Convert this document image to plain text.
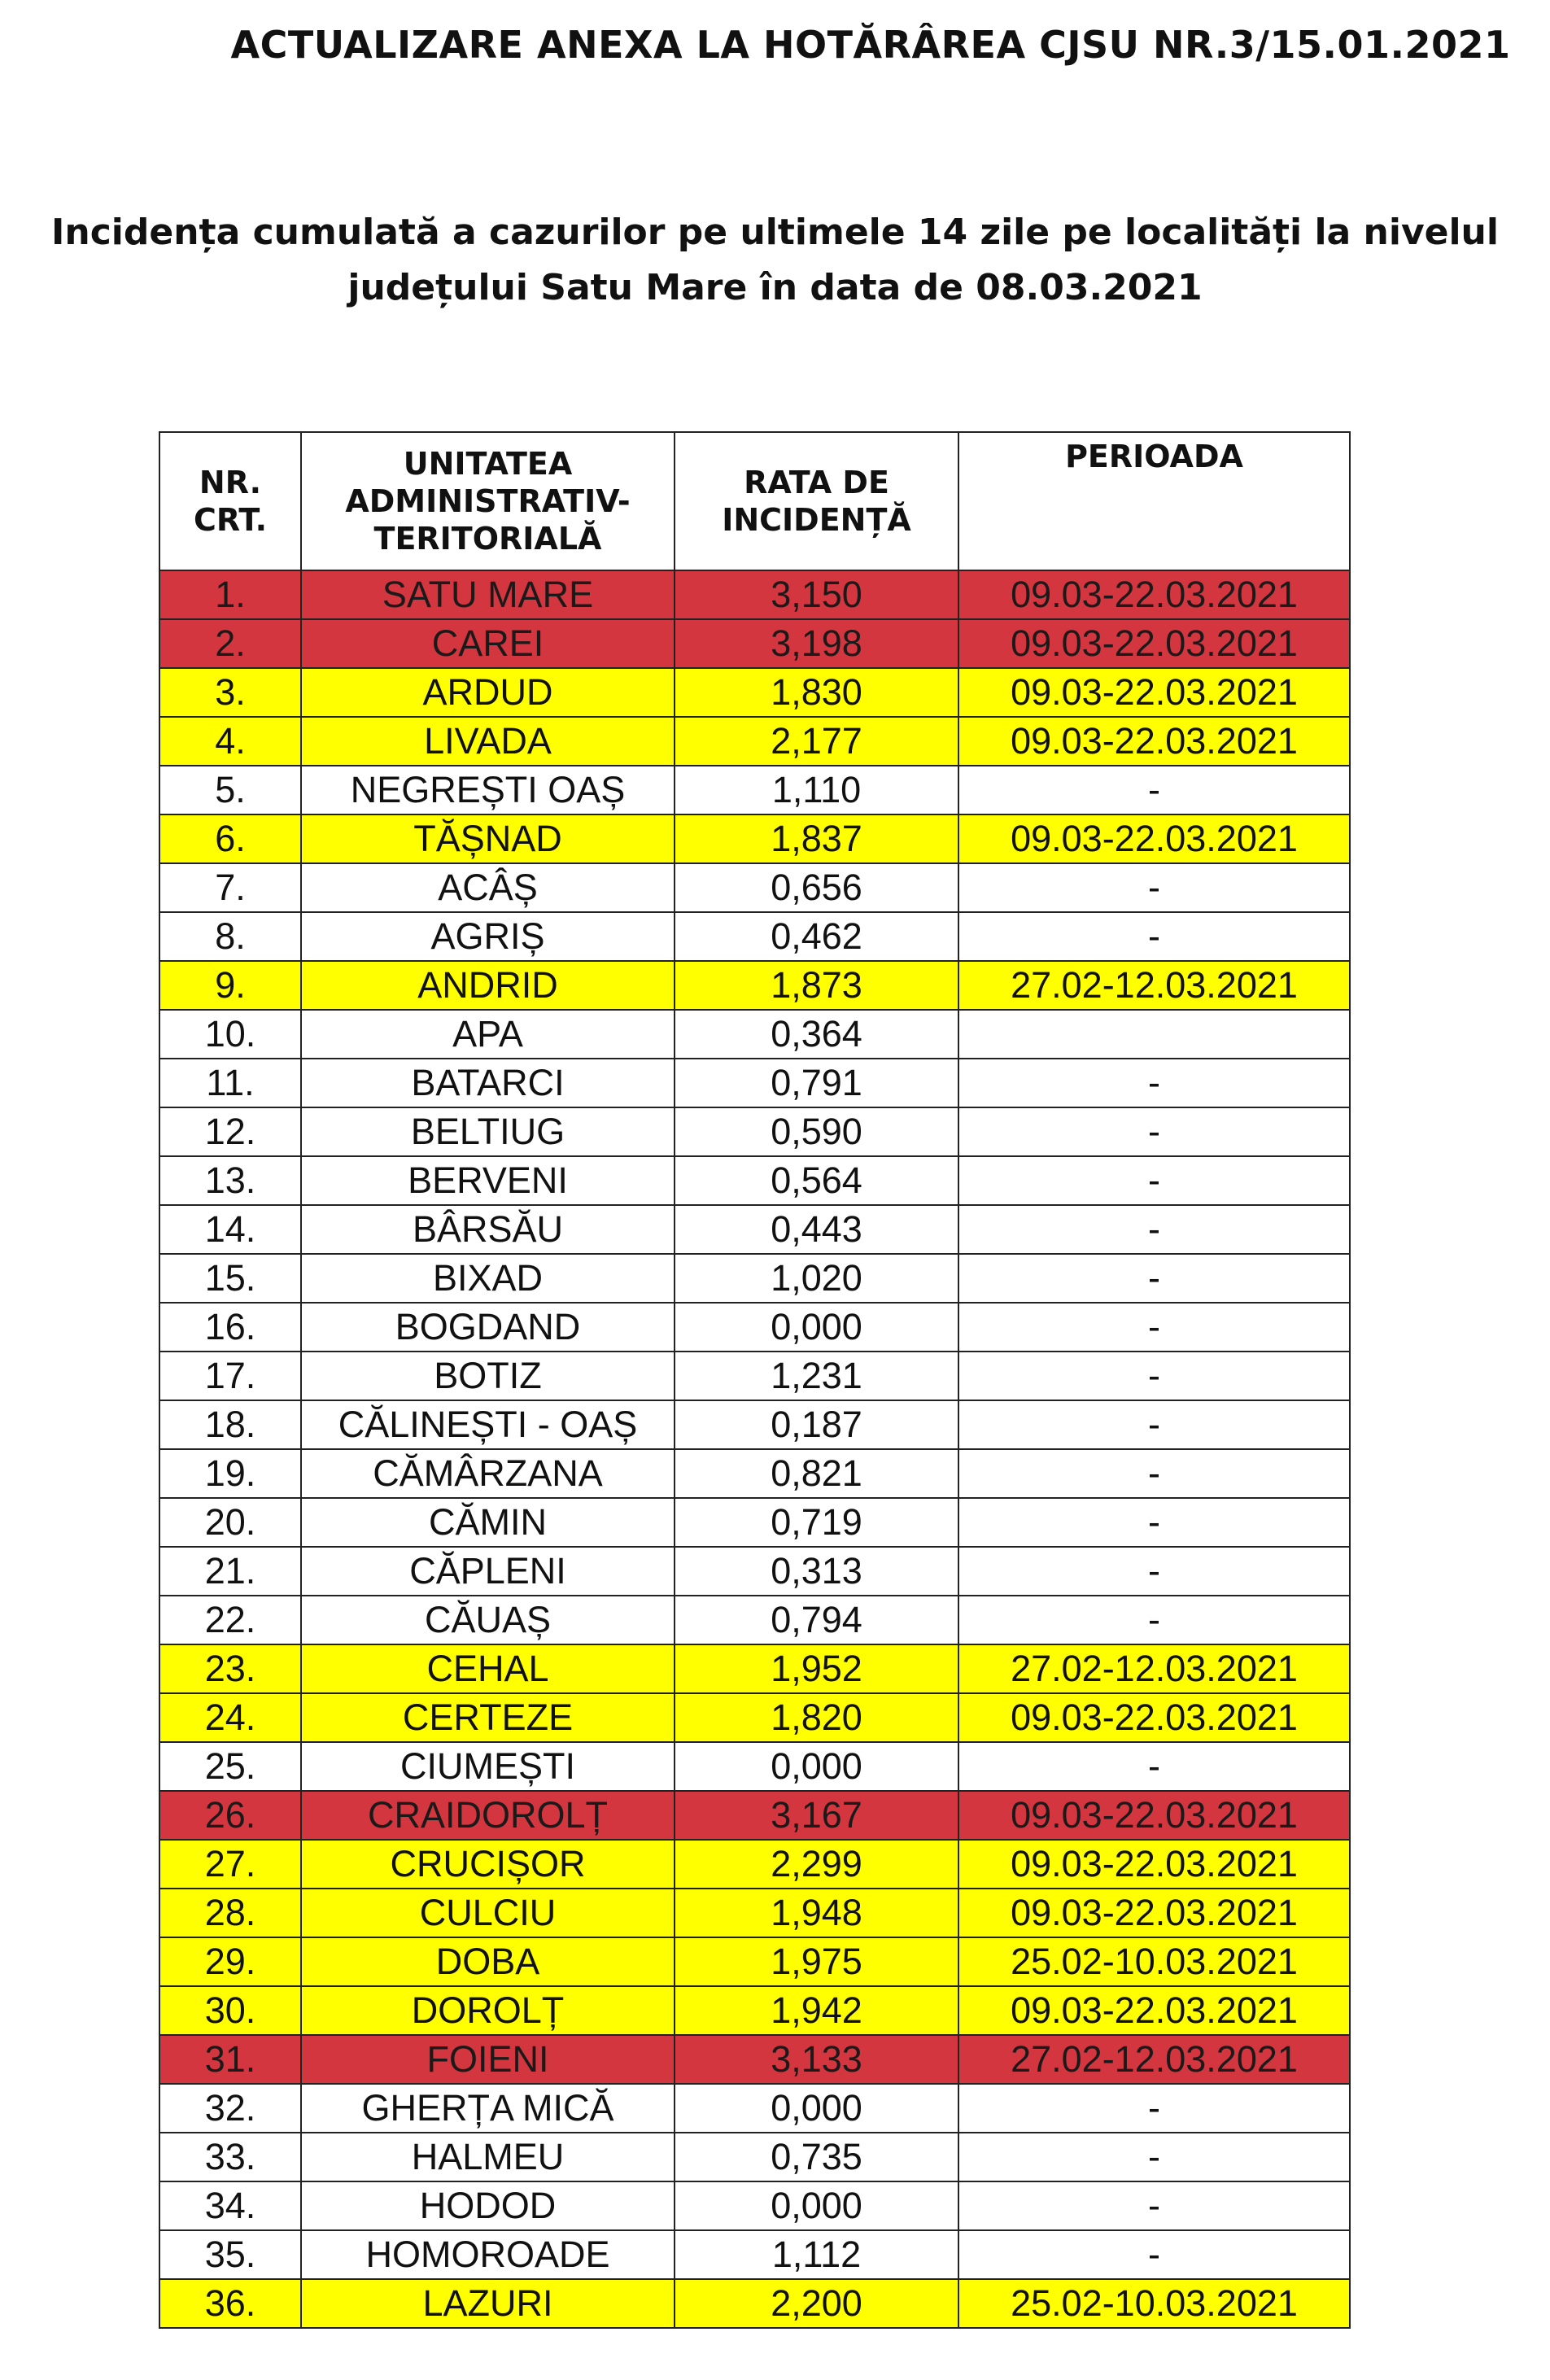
ACTUALIZARE ANEXA LA HOTĂRÂREA CJSU NR.3/15.01.2021
Incidența cumulată a cazurilor pe ultimele 14 zile pe localități la nivelul
județului Satu Mare în data de 08.03.2021
NR. CRT.	UNITATEA ADMINISTRATIV-TERITORIALĂ	RATA DE INCIDENȚĂ	PERIOADA
1.	SATU MARE	3,150	09.03-22.03.2021
2.	CAREI	3,198	09.03-22.03.2021
3.	ARDUD	1,830	09.03-22.03.2021
4.	LIVADA	2,177	09.03-22.03.2021
5.	NEGREȘTI OAȘ	1,110	-
6.	TĂȘNAD	1,837	09.03-22.03.2021
7.	ACÂȘ	0,656	-
8.	AGRIȘ	0,462	-
9.	ANDRID	1,873	27.02-12.03.2021
10.	APA	0,364	
11.	BATARCI	0,791	-
12.	BELTIUG	0,590	-
13.	BERVENI	0,564	-
14.	BÂRSĂU	0,443	-
15.	BIXAD	1,020	-
16.	BOGDAND	0,000	-
17.	BOTIZ	1,231	-
18.	CĂLINEȘTI - OAȘ	0,187	-
19.	CĂMÂRZANA	0,821	-
20.	CĂMIN	0,719	-
21.	CĂPLENI	0,313	-
22.	CĂUAȘ	0,794	-
23.	CEHAL	1,952	27.02-12.03.2021
24.	CERTEZE	1,820	09.03-22.03.2021
25.	CIUMEȘTI	0,000	-
26.	CRAIDOROLȚ	3,167	09.03-22.03.2021
27.	CRUCIȘOR	2,299	09.03-22.03.2021
28.	CULCIU	1,948	09.03-22.03.2021
29.	DOBA	1,975	25.02-10.03.2021
30.	DOROLȚ	1,942	09.03-22.03.2021
31.	FOIENI	3,133	27.02-12.03.2021
32.	GHERȚA MICĂ	0,000	-
33.	HALMEU	0,735	-
34.	HODOD	0,000	-
35.	HOMOROADE	1,112	-
36.	LAZURI	2,200	25.02-10.03.2021
